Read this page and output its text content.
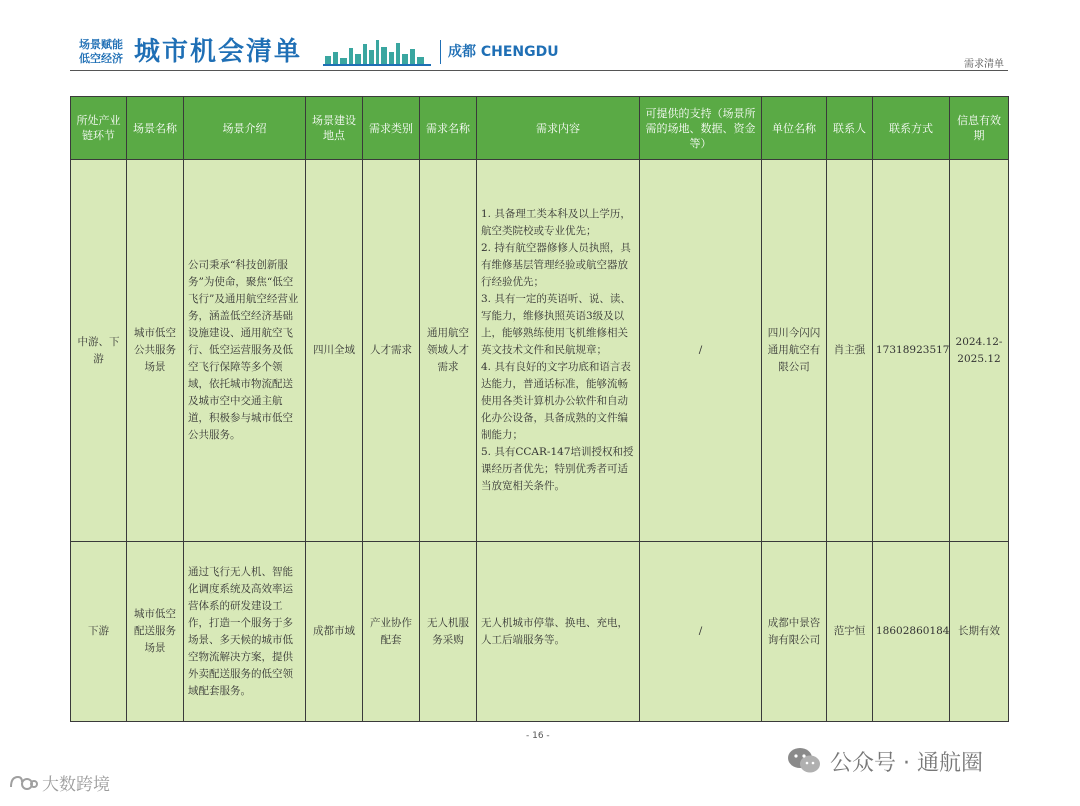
场景赋能
低空经济 城市机会清单	成都 CHENGDU
需求清单
所处产业链环节	场景名称	场景介绍	场景建设地点	需求类别	需求名称	需求内容	可提供的支持（场景所需的场地、数据、资金等）	单位名称	联系人	联系方式	信息有效期
中游、下游	城市低空公共服务场景	公司秉承“科技创新服务”为使命，聚焦“低空飞行”及通用航空经营业务，涵盖低空经济基础设施建设、通用航空飞行、低空运营服务及低空飞行保障等多个领域，依托城市物流配送及城市空中交通主航道，积极参与城市低空公共服务。	四川全域	人才需求	通用航空领域人才需求	1. 具备理工类本科及以上学历，航空类院校或专业优先；
2. 持有航空器修修人员执照，具有维修基层管理经验或航空器放行经验优先；
3. 具有一定的英语听、说、读、写能力，维修执照英语3级及以上，能够熟练使用飞机维修相关英文技术文件和民航规章；
4. 具有良好的文字功底和语言表达能力，普通话标准，能够流畅使用各类计算机办公软件和自动化办公设备，具备成熟的文件编制能力；
5. 具有CCAR-147培训授权和授课经历者优先；特别优秀者可适当放宽相关条件。	/	四川今闪闪通用航空有限公司	肖主强	17318923517	2024.12-2025.12
下游	城市低空配送服务场景	通过飞行无人机、智能化调度系统及高效率运营体系的研发建设工作，打造一个服务于多场景、多天候的城市低空物流解决方案，提供外卖配送服务的低空领域配套服务。	成都市域	产业协作配套	无人机服务采购	无人机城市停靠、换电、充电，人工后端服务等。	/	成都中景咨询有限公司	范宇恒	18602860184	长期有效
- 16 -
公众号 · 通航圈
大数跨境
